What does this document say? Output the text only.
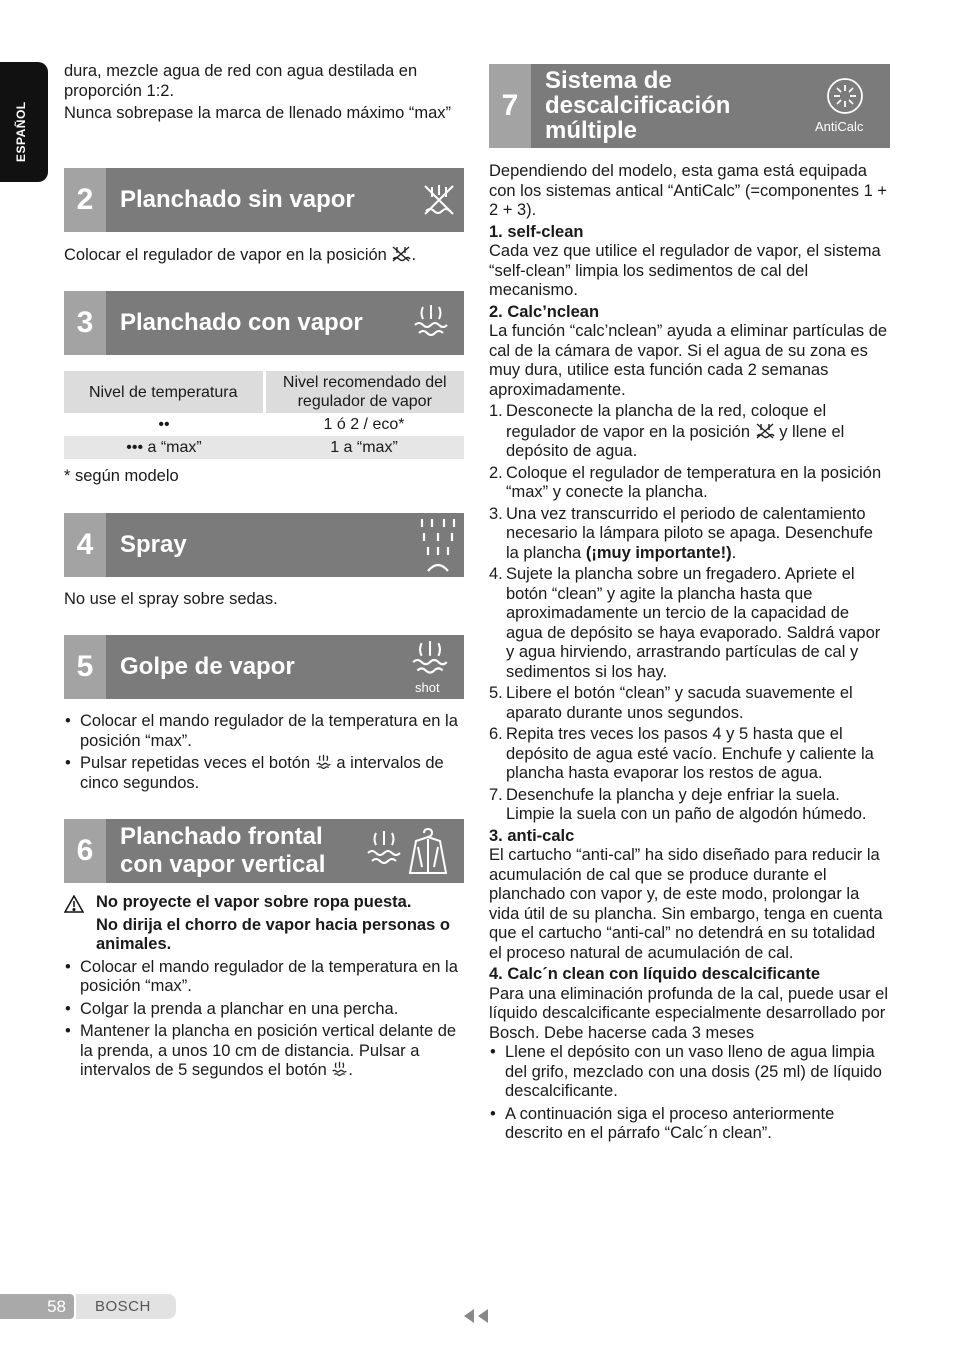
ESPAÑOL

dura, mezcle agua de red con agua destilada en proporción 1:2.

Nunca sobrepase la marca de llenado máximo “max”

2	Planchado sin vapor
Colocar el regulador de vapor en la posición .
3	Planchado con vapor
Nivel de temperatura	Nivel recomendado del regulador de vapor
••	1 ó 2 / eco*
••• a “max”	1 a “max”
* según modelo
4	Spray
No use el spray sobre sedas.
5	Golpe de vapor
shot
• Colocar el mando regulador de la temperatura en la posición “max”.
• Pulsar repetidas veces el botón a intervalos de cinco segundos.
6	Planchado frontal
con vapor vertical

No proyecte el vapor sobre ropa puesta.

No dirija el chorro de vapor hacia personas o animales.

• Colocar el mando regulador de la temperatura en la posición “max”.
• Colgar la prenda a planchar en una percha.
• Mantener la plancha en posición vertical delante de la prenda, a unos 10 cm de distancia. Pulsar a intervalos de 5 segundos el botón .
7
Sistema de
descalcificación
múltiple	AntiCalc

Dependiendo del modelo, esta gama está equipada con los sistemas antical “AntiCalc” (=componentes 1 + 2 + 3).

1. self-clean

Cada vez que utilice el regulador de vapor, el sistema “self-clean” limpia los sedimentos de cal del mecanismo.

2. Calc’nclean

La función “calc’nclean” ayuda a eliminar partículas de cal de la cámara de vapor. Si el agua de su zona es muy dura, utilice esta función cada 2 semanas aproximadamente.

1. Desconecte la plancha de la red, coloque el regulador de vapor en la posición y llene el depósito de agua.
2. Coloque el regulador de temperatura en la posición “max” y conecte la plancha.
3. Una vez transcurrido el periodo de calentamiento necesario la lámpara piloto se apaga. Desenchufe la plancha (¡muy importante!).
4. Sujete la plancha sobre un fregadero. Apriete el botón “clean” y agite la plancha hasta que aproximadamente un tercio de la capacidad de agua de depósito se haya evaporado. Saldrá vapor y agua hirviendo, arrastrando partículas de cal y sedimentos si los hay.
5. Libere el botón “clean” y sacuda suavemente el aparato durante unos segundos.
6. Repita tres veces los pasos 4 y 5 hasta que el depósito de agua esté vacío. Enchufe y caliente la plancha hasta evaporar los restos de agua.
7. Desenchufe la plancha y deje enfriar la suela. Limpie la suela con un paño de algodón húmedo.

3. anti-calc

El cartucho “anti-cal” ha sido diseñado para reducir la acumulación de cal que se produce durante el planchado con vapor y, de este modo, prolongar la vida útil de su plancha. Sin embargo, tenga en cuenta que el cartucho “anti-cal” no detendrá en su totalidad el proceso natural de acumulación de cal.

4. Calc´n clean con líquido descalcificante

Para una eliminación profunda de la cal, puede usar el líquido descalcificante especialmente desarrollado por Bosch. Debe hacerse cada 3 meses

• Llene el depósito con un vaso lleno de agua limpia del grifo, mezclado con una dosis (25 ml) de líquido descalcificante.
• A continuación siga el proceso anteriormente descrito en el párrafo “Calc´n clean”.
58	BOSCH
